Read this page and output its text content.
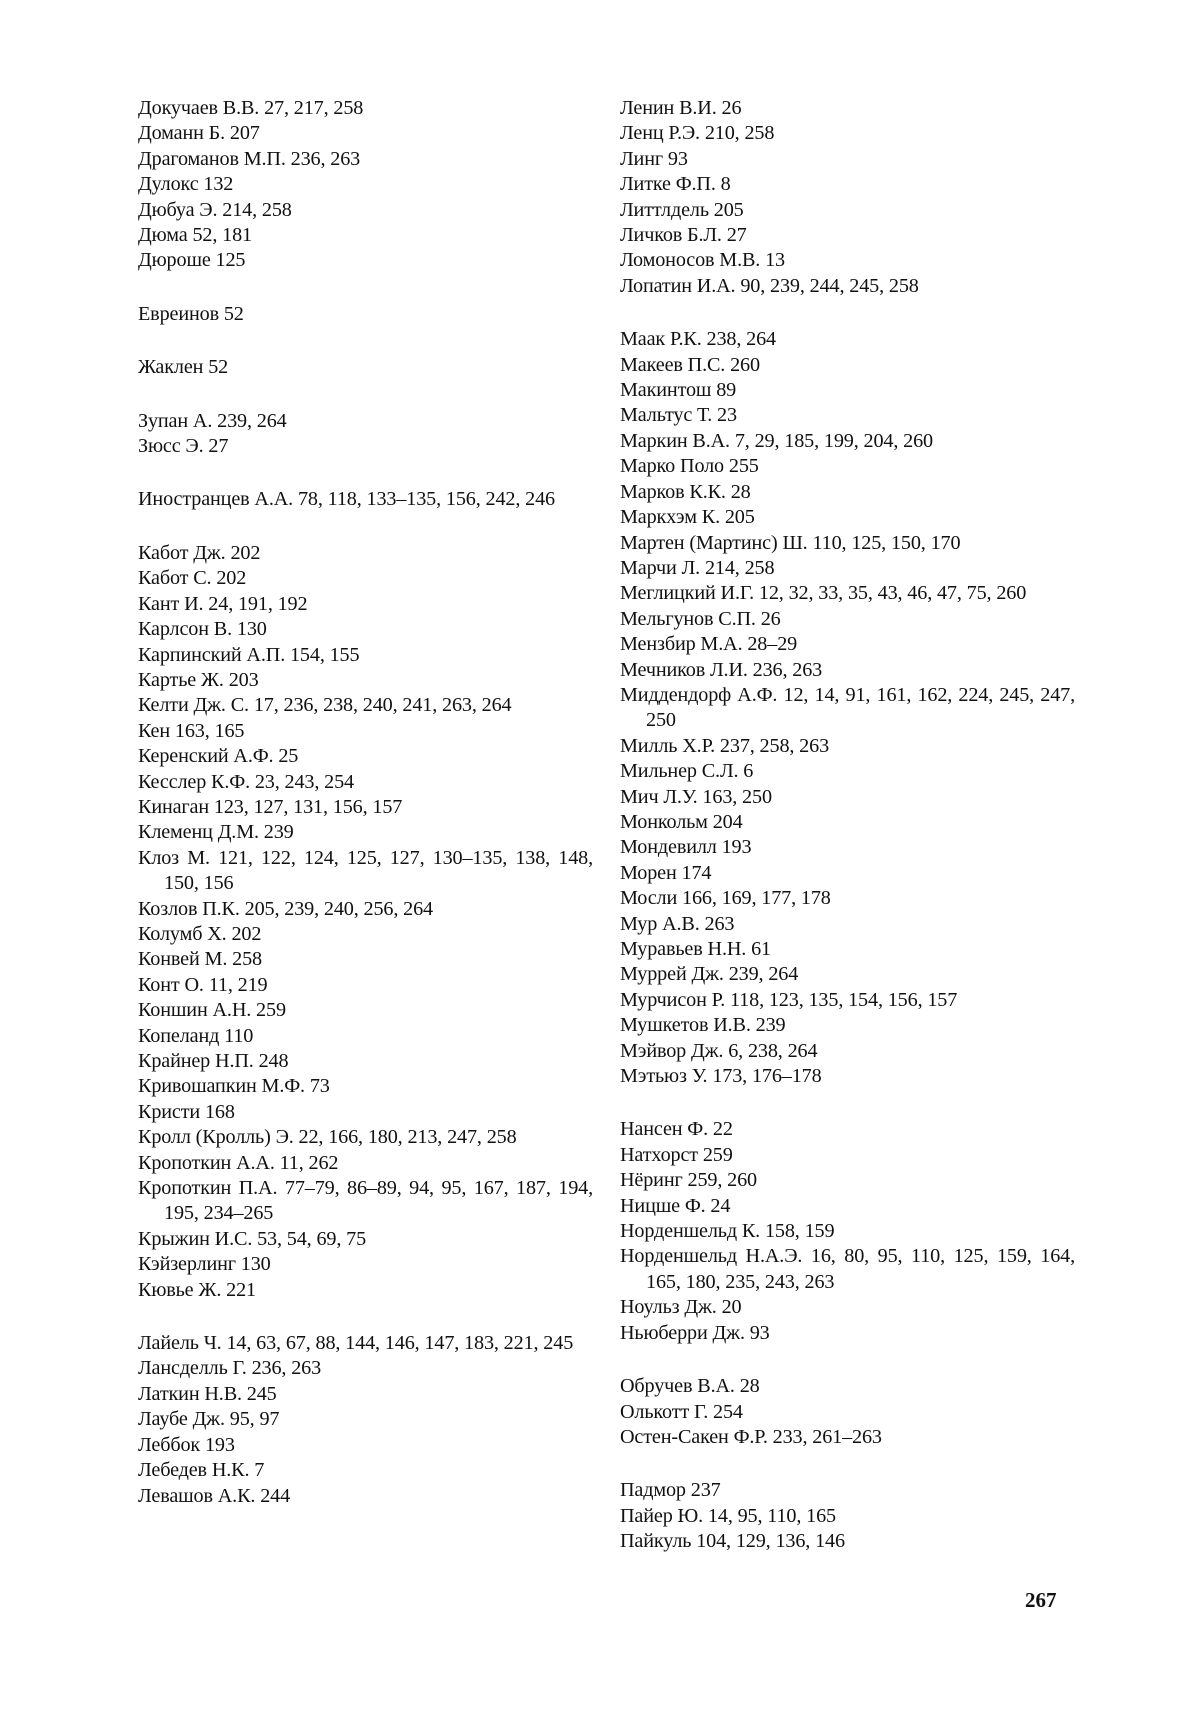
Докучаев В.В. 27, 217, 258
Доманн Б. 207
Драгоманов М.П. 236, 263
Дулокс 132
Дюбуа Э. 214, 258
Дюма 52, 181
Дюроше 125
Евреинов 52
Жаклен 52
Зупан А. 239, 264
Зюсс Э. 27
Иностранцев А.А. 78, 118, 133–135, 156, 242, 246
Кабот Дж. 202
Кабот С. 202
Кант И. 24, 191, 192
Карлсон В. 130
Карпинский А.П. 154, 155
Картье Ж. 203
Келти Дж. С. 17, 236, 238, 240, 241, 263, 264
Кен 163, 165
Керенский А.Ф. 25
Кесслер К.Ф. 23, 243, 254
Кинаган 123, 127, 131, 156, 157
Клеменц Д.М. 239
Клоз М. 121, 122, 124, 125, 127, 130–135, 138, 148, 150, 156
Козлов П.К. 205, 239, 240, 256, 264
Колумб Х. 202
Конвей М. 258
Конт О. 11, 219
Коншин А.Н. 259
Копеланд 110
Крайнер Н.П. 248
Кривошапкин М.Ф. 73
Кристи 168
Кролл (Кролль) Э. 22, 166, 180, 213, 247, 258
Кропоткин А.А. 11, 262
Кропоткин П.А. 77–79, 86–89, 94, 95, 167, 187, 194, 195, 234–265
Крыжин И.С. 53, 54, 69, 75
Кэйзерлинг 130
Кювье Ж. 221
Лайель Ч. 14, 63, 67, 88, 144, 146, 147, 183, 221, 245
Лансделль Г. 236, 263
Латкин Н.В. 245
Лаубе Дж. 95, 97
Леббок 193
Лебедев Н.К. 7
Левашов А.К. 244
Ленин В.И. 26
Ленц Р.Э. 210, 258
Линг 93
Литке Ф.П. 8
Литтлдель 205
Личков Б.Л. 27
Ломоносов М.В. 13
Лопатин И.А. 90, 239, 244, 245, 258
Маак Р.К. 238, 264
Макеев П.С. 260
Макинтош 89
Мальтус Т. 23
Маркин В.А. 7, 29, 185, 199, 204, 260
Марко Поло 255
Марков К.К. 28
Маркхэм К. 205
Мартен (Мартинс) Ш. 110, 125, 150, 170
Марчи Л. 214, 258
Меглицкий И.Г. 12, 32, 33, 35, 43, 46, 47, 75, 260
Мельгунов С.П. 26
Мензбир М.А. 28–29
Мечников Л.И. 236, 263
Миддендорф А.Ф. 12, 14, 91, 161, 162, 224, 245, 247, 250
Милль Х.Р. 237, 258, 263
Мильнер С.Л. 6
Мич Л.У. 163, 250
Монкольм 204
Мондевилл 193
Морен 174
Мосли 166, 169, 177, 178
Мур А.В. 263
Муравьев Н.Н. 61
Муррей Дж. 239, 264
Мурчисон Р. 118, 123, 135, 154, 156, 157
Мушкетов И.В. 239
Мэйвор Дж. 6, 238, 264
Мэтьюз У. 173, 176–178
Нансен Ф. 22
Натхорст 259
Нёринг 259, 260
Ницше Ф. 24
Норденшельд К. 158, 159
Норденшельд Н.А.Э. 16, 80, 95, 110, 125, 159, 164, 165, 180, 235, 243, 263
Ноульз Дж. 20
Ньюберри Дж. 93
Обручев В.А. 28
Олькотт Г. 254
Остен-Сакен Ф.Р. 233, 261–263
Падмор 237
Пайер Ю. 14, 95, 110, 165
Пайкуль 104, 129, 136, 146
267
